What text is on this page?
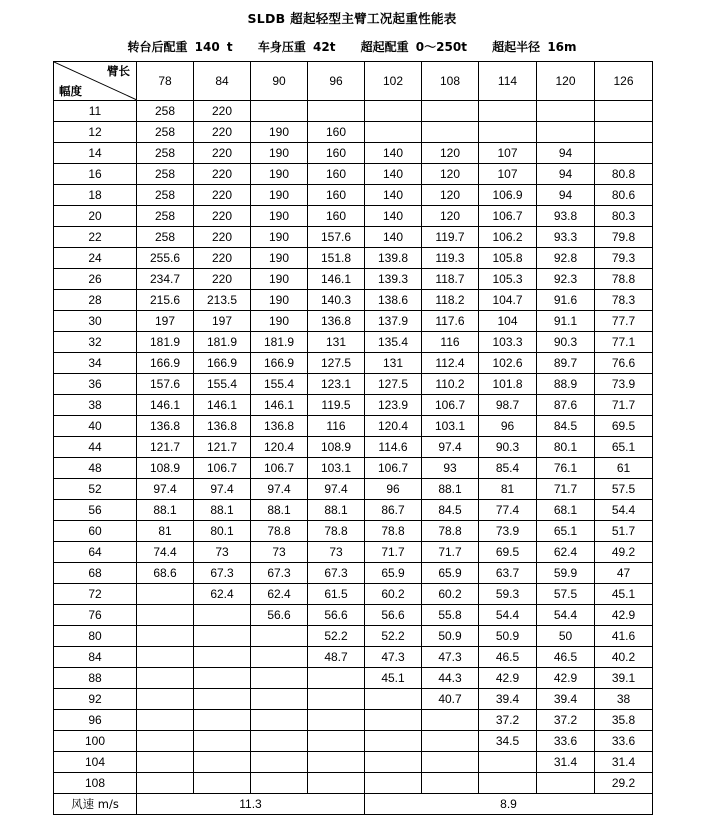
SLDB 超起轻型主臂工况起重性能表
转台后配重 140 t 车身压重 42t 超起配重 0～250t 超起半径 16m
臂长
幅度	78	84	90	96	102	108	114	120	126
11	258	220							
12	258	220	190	160					
14	258	220	190	160	140	120	107	94	
16	258	220	190	160	140	120	107	94	80.8
18	258	220	190	160	140	120	106.9	94	80.6
20	258	220	190	160	140	120	106.7	93.8	80.3
22	258	220	190	157.6	140	119.7	106.2	93.3	79.8
24	255.6	220	190	151.8	139.8	119.3	105.8	92.8	79.3
26	234.7	220	190	146.1	139.3	118.7	105.3	92.3	78.8
28	215.6	213.5	190	140.3	138.6	118.2	104.7	91.6	78.3
30	197	197	190	136.8	137.9	117.6	104	91.1	77.7
32	181.9	181.9	181.9	131	135.4	116	103.3	90.3	77.1
34	166.9	166.9	166.9	127.5	131	112.4	102.6	89.7	76.6
36	157.6	155.4	155.4	123.1	127.5	110.2	101.8	88.9	73.9
38	146.1	146.1	146.1	119.5	123.9	106.7	98.7	87.6	71.7
40	136.8	136.8	136.8	116	120.4	103.1	96	84.5	69.5
44	121.7	121.7	120.4	108.9	114.6	97.4	90.3	80.1	65.1
48	108.9	106.7	106.7	103.1	106.7	93	85.4	76.1	61
52	97.4	97.4	97.4	97.4	96	88.1	81	71.7	57.5
56	88.1	88.1	88.1	88.1	86.7	84.5	77.4	68.1	54.4
60	81	80.1	78.8	78.8	78.8	78.8	73.9	65.1	51.7
64	74.4	73	73	73	71.7	71.7	69.5	62.4	49.2
68	68.6	67.3	67.3	67.3	65.9	65.9	63.7	59.9	47
72		62.4	62.4	61.5	60.2	60.2	59.3	57.5	45.1
76			56.6	56.6	56.6	55.8	54.4	54.4	42.9
80				52.2	52.2	50.9	50.9	50	41.6
84				48.7	47.3	47.3	46.5	46.5	40.2
88					45.1	44.3	42.9	42.9	39.1
92						40.7	39.4	39.4	38
96							37.2	37.2	35.8
100							34.5	33.6	33.6
104								31.4	31.4
108									29.2
风速 m/s	11.3				8.9				
